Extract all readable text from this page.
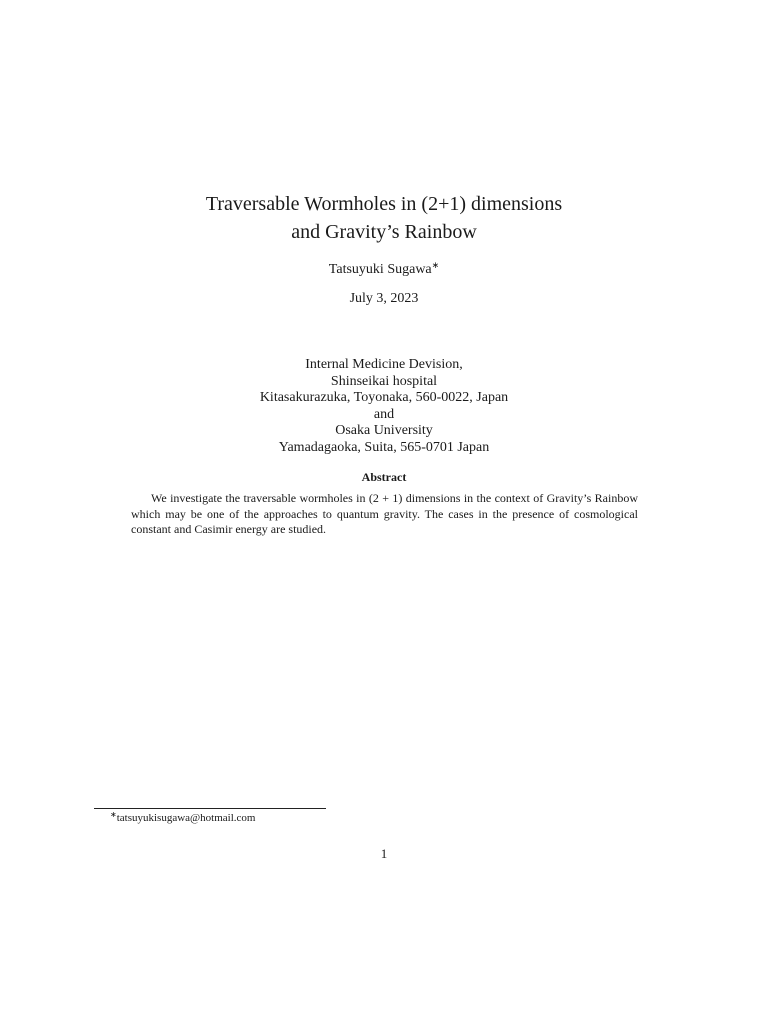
Traversable Wormholes in (2+1) dimensions
and Gravity’s Rainbow
Tatsuyuki Sugawa∗
July 3, 2023
Internal Medicine Devision,
Shinseikai hospital
Kitasakurazuka, Toyonaka, 560-0022, Japan
and
Osaka University
Yamadagaoka, Suita, 565-0701 Japan
Abstract

We investigate the traversable wormholes in (2 + 1) dimensions in the context of Gravity’s Rainbow which may be one of the approaches to quantum gravity. The cases in the presence of cosmological constant and Casimir energy are studied.

∗tatsuyukisugawa@hotmail.com
1
